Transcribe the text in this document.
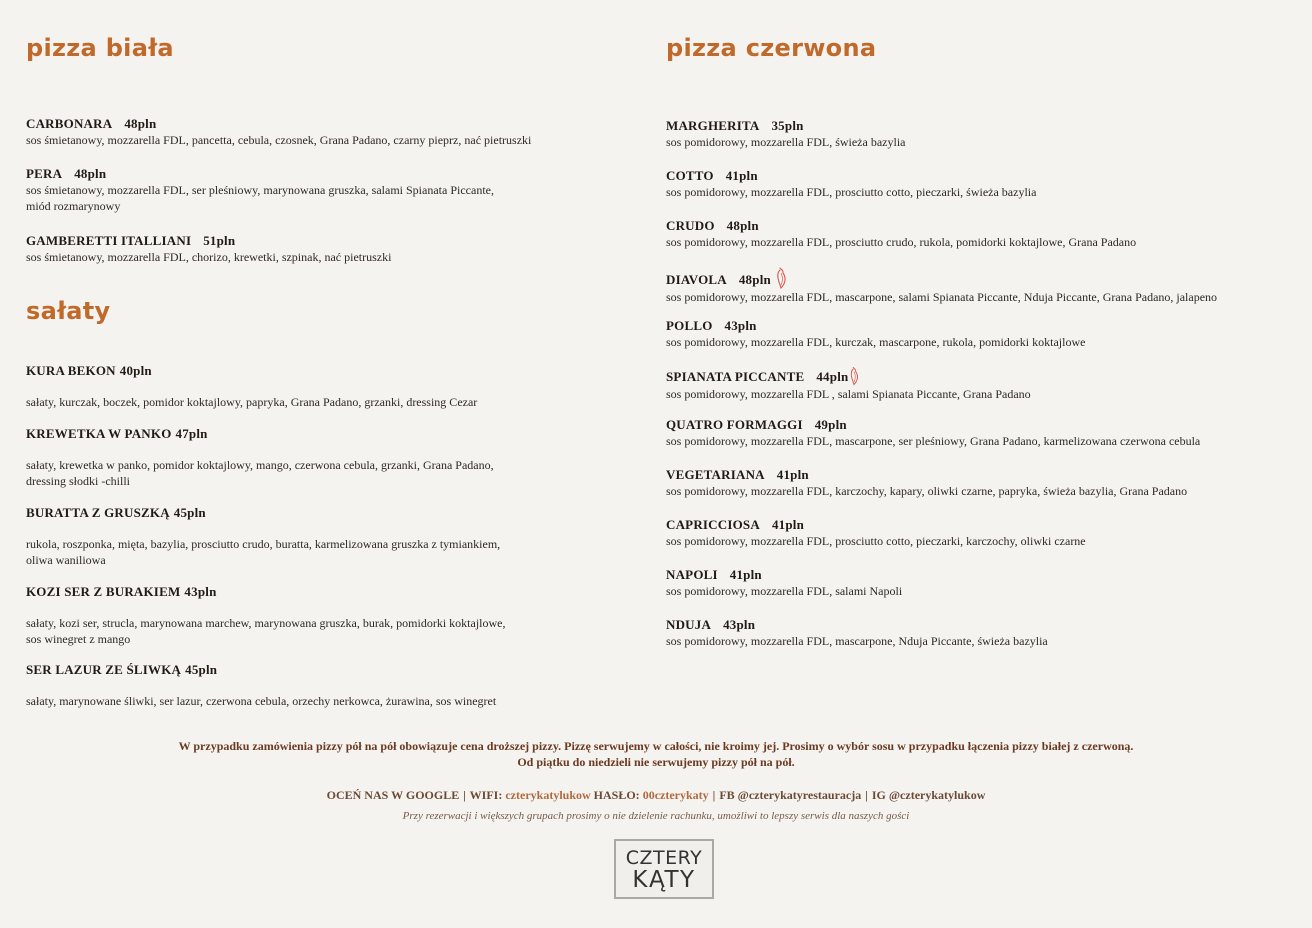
pizza biała
CARBONARA 48pln
sos śmietanowy, mozzarella FDL, pancetta, cebula, czosnek, Grana Padano, czarny pieprz, nać pietruszki
PERA 48pln
sos śmietanowy, mozzarella FDL, ser pleśniowy, marynowana gruszka, salami Spianata Piccante,
miód rozmarynowy
GAMBERETTI ITALLIANI 51pln
sos śmietanowy, mozzarella FDL, chorizo, krewetki, szpinak, nać pietruszki
sałaty
KURA BEKON 40pln
sałaty, kurczak, boczek, pomidor koktajlowy, papryka, Grana Padano, grzanki, dressing Cezar
KREWETKA W PANKO 47pln
sałaty, krewetka w panko, pomidor koktajlowy, mango, czerwona cebula, grzanki, Grana Padano,
dressing słodki -chilli
BURATTA Z GRUSZKĄ 45pln
rukola, roszponka, mięta, bazylia, prosciutto crudo, buratta, karmelizowana gruszka z tymiankiem,
oliwa waniliowa
KOZI SER Z BURAKIEM 43pln
sałaty, kozi ser, strucla, marynowana marchew, marynowana gruszka, burak, pomidorki koktajlowe,
sos winegret z mango
SER LAZUR ZE ŚLIWKĄ 45pln
sałaty, marynowane śliwki, ser lazur, czerwona cebula, orzechy nerkowca, żurawina, sos winegret
pizza czerwona
MARGHERITA 35pln
sos pomidorowy, mozzarella FDL, świeża bazylia
COTTO 41pln
sos pomidorowy, mozzarella FDL, prosciutto cotto, pieczarki, świeża bazylia
CRUDO 48pln
sos pomidorowy, mozzarella FDL, prosciutto crudo, rukola, pomidorki koktajlowe, Grana Padano
DIAVOLA 48pln
sos pomidorowy, mozzarella FDL, mascarpone, salami Spianata Piccante, Nduja Piccante, Grana Padano, jalapeno
POLLO 43pln
sos pomidorowy, mozzarella FDL, kurczak, mascarpone, rukola, pomidorki koktajlowe
SPIANATA PICCANTE 44pln
sos pomidorowy, mozzarella FDL , salami Spianata Piccante, Grana Padano
QUATRO FORMAGGI 49pln
sos pomidorowy, mozzarella FDL, mascarpone, ser pleśniowy, Grana Padano, karmelizowana czerwona cebula
VEGETARIANA 41pln
sos pomidorowy, mozzarella FDL, karczochy, kapary, oliwki czarne, papryka, świeża bazylia, Grana Padano
CAPRICCIOSA 41pln
sos pomidorowy, mozzarella FDL, prosciutto cotto, pieczarki, karczochy, oliwki czarne
NAPOLI 41pln
sos pomidorowy, mozzarella FDL, salami Napoli
NDUJA 43pln
sos pomidorowy, mozzarella FDL, mascarpone, Nduja Piccante, świeża bazylia
W przypadku zamówienia pizzy pół na pół obowiązuje cena droższej pizzy. Pizzę serwujemy w całości, nie kroimy jej. Prosimy o wybór sosu w przypadku łączenia pizzy białej z czerwoną.
Od piątku do niedzieli nie serwujemy pizzy pół na pół.
OCEŃ NAS W GOOGLE | WIFI: czterykatylukow HASŁO: 00czterykaty | FB @czterykatyrestauracja | IG @czterykatylukow
Przy rezerwacji i większych grupach prosimy o nie dzielenie rachunku, umożliwi to lepszy serwis dla naszych gości
CZTERY
KĄTY
